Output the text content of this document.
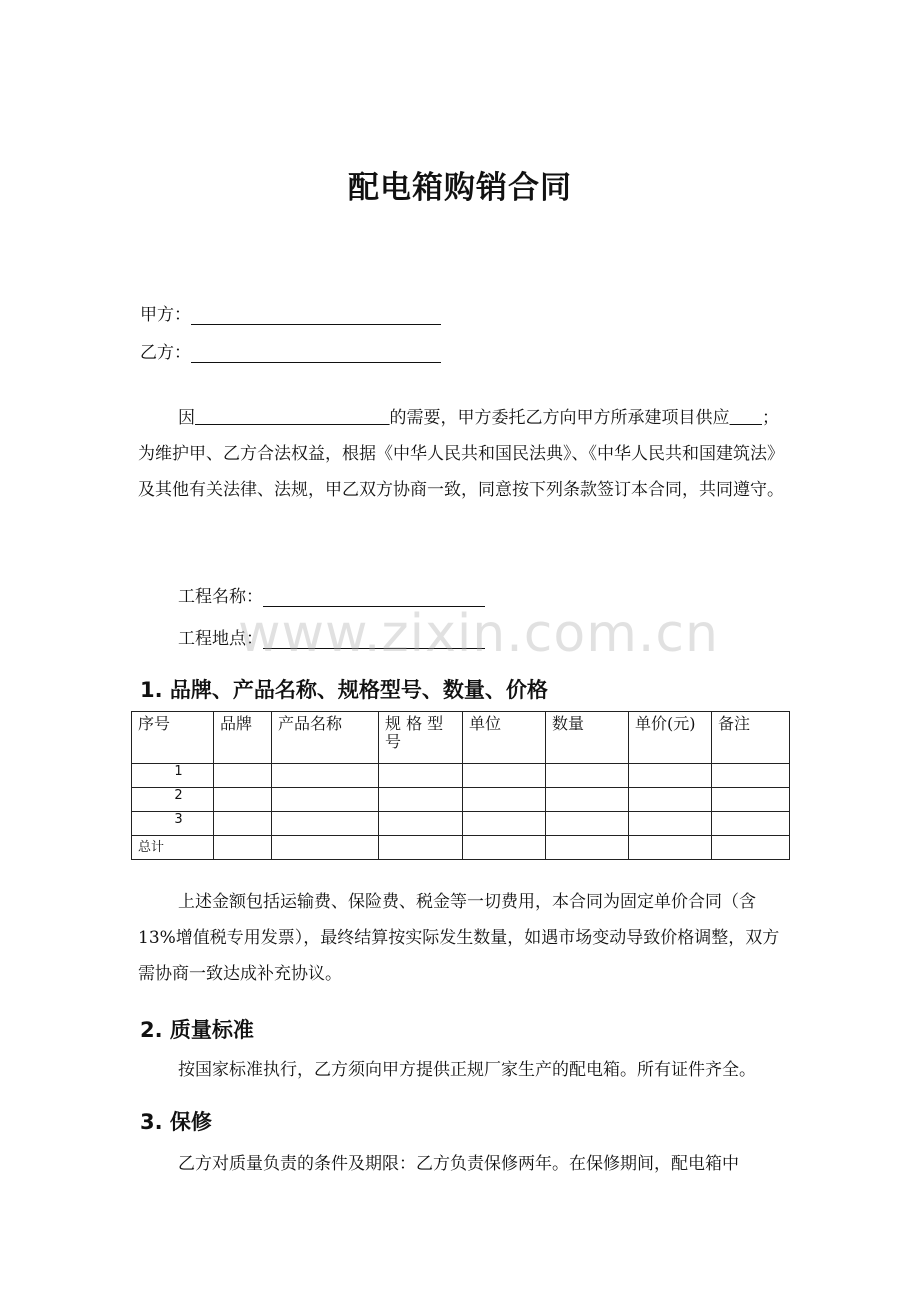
配电箱购销合同
甲方：
乙方：
因	的需要，甲方委托乙方向甲方所承建项目供应 ；为维护甲、乙方合法权益，根据《中华人民共和国民法典》、《中华人民共和国建筑法》及其他有关法律、法规，甲乙双方协商一致，同意按下列条款签订本合同，共同遵守。
工程名称：
工程地点：
www.zixin.com.cn
1. 品牌、产品名称、规格型号、数量、价格
序号	品牌	产品名称	规 格 型号	单位	数量	单价(元)	备注
1							
2							
3							
总计							
上述金额包括运输费、保险费、税金等一切费用，本合同为固定单价合同（含13%增值税专用发票），最终结算按实际发生数量，如遇市场变动导致价格调整，双方需协商一致达成补充协议。
2. 质量标准
按国家标准执行，乙方须向甲方提供正规厂家生产的配电箱。所有证件齐全。
3. 保修
乙方对质量负责的条件及期限：乙方负责保修两年。在保修期间，配电箱中
